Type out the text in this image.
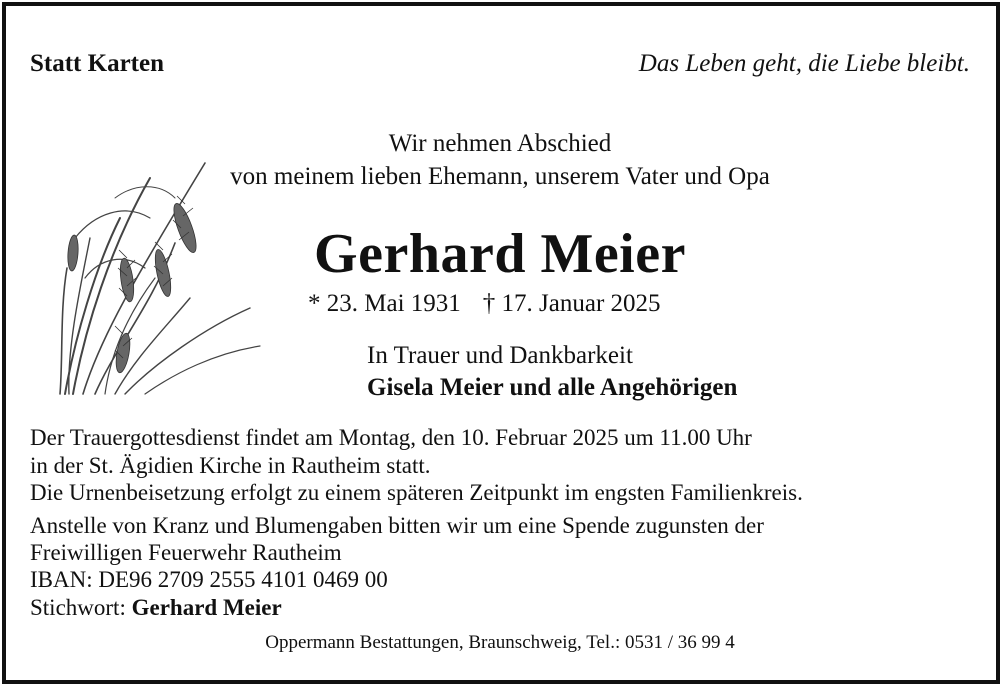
Statt Karten	Das Leben geht, die Liebe bleibt.
Wir nehmen Abschied
von meinem lieben Ehemann, unserem Vater und Opa
Gerhard Meier
* 23. Mai 1931 † 17. Januar 2025
In Trauer und Dankbarkeit
Gisela Meier und alle Angehörigen
Der Trauergottesdienst findet am Montag, den 10. Februar 2025 um 11.00 Uhr
in der St. Ägidien Kirche in Rautheim statt.
Die Urnenbeisetzung erfolgt zu einem späteren Zeitpunkt im engsten Familienkreis.
Anstelle von Kranz und Blumengaben bitten wir um eine Spende zugunsten der
Freiwilligen Feuerwehr Rautheim
IBAN: DE96 2709 2555 4101 0469 00
Stichwort: Gerhard Meier
Oppermann Bestattungen, Braunschweig, Tel.: 0531 / 36 99 4
